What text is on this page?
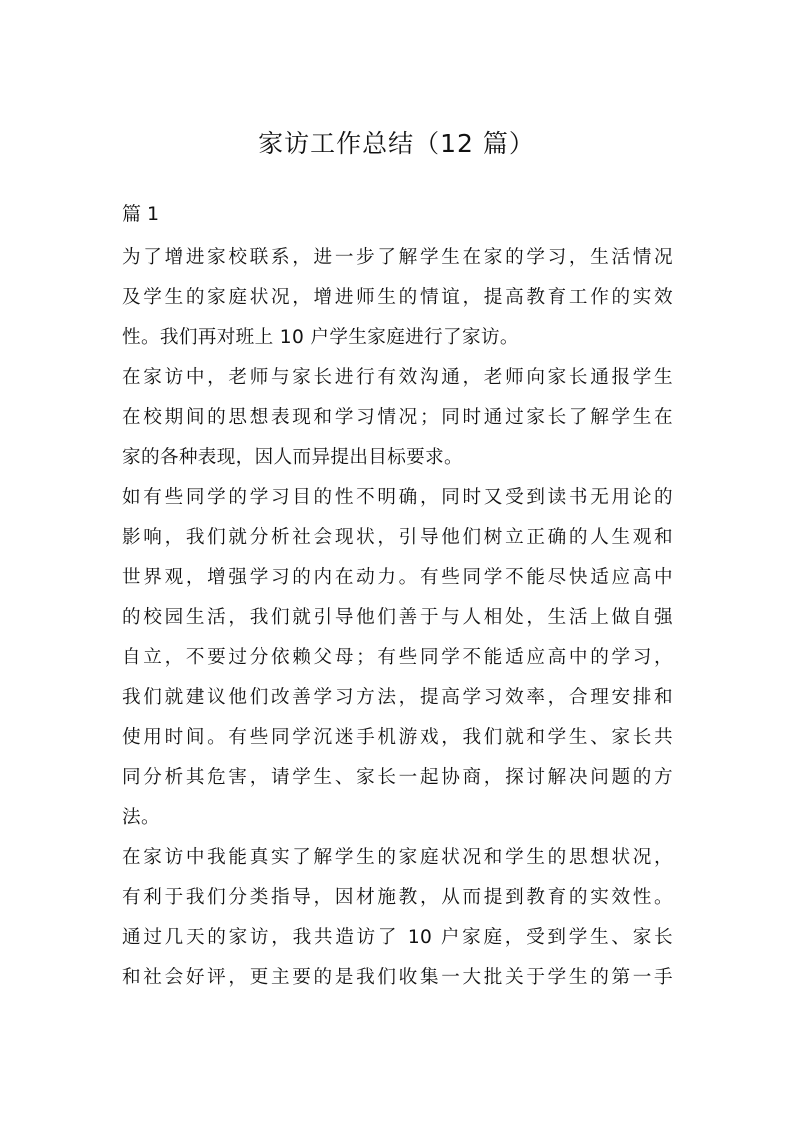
家访工作总结（12 篇）
篇 1
为了增进家校联系，进一步了解学生在家的学习，生活情况
及学生的家庭状况，增进师生的情谊，提高教育工作的实效
性。我们再对班上 10 户学生家庭进行了家访。
在家访中，老师与家长进行有效沟通，老师向家长通报学生
在校期间的思想表现和学习情况；同时通过家长了解学生在
家的各种表现，因人而异提出目标要求。
如有些同学的学习目的性不明确，同时又受到读书无用论的
影响，我们就分析社会现状，引导他们树立正确的人生观和
世界观，增强学习的内在动力。有些同学不能尽快适应高中
的校园生活，我们就引导他们善于与人相处，生活上做自强
自立，不要过分依赖父母；有些同学不能适应高中的学习，
我们就建议他们改善学习方法，提高学习效率，合理安排和
使用时间。有些同学沉迷手机游戏，我们就和学生、家长共
同分析其危害，请学生、家长一起协商，探讨解决问题的方
法。
在家访中我能真实了解学生的家庭状况和学生的思想状况，
有利于我们分类指导，因材施教，从而提到教育的实效性。
通过几天的家访，我共造访了 10 户家庭，受到学生、家长
和社会好评，更主要的是我们收集一大批关于学生的第一手
